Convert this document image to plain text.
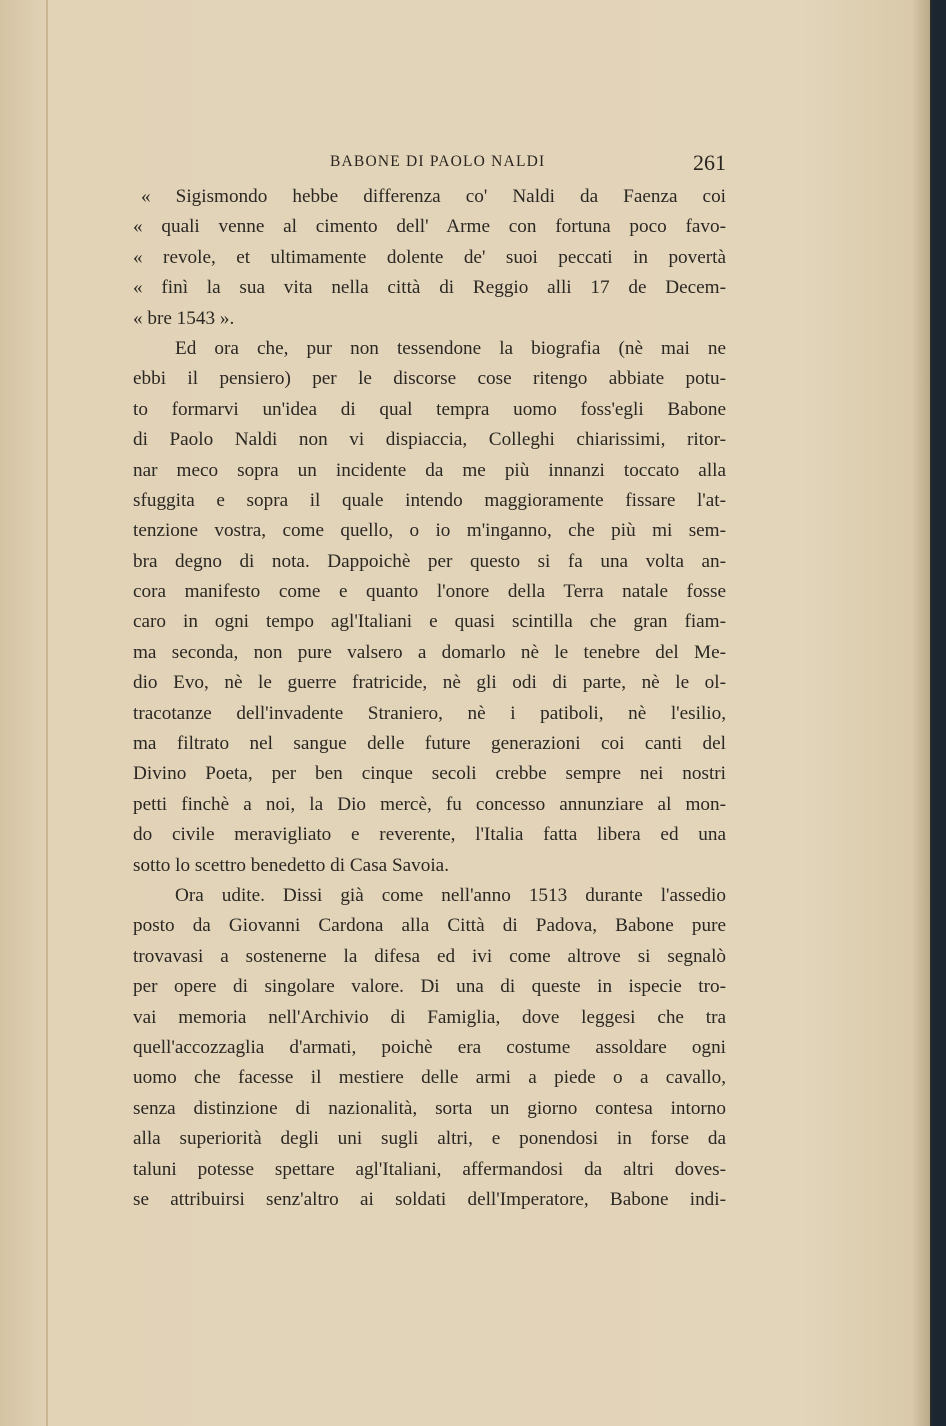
BABONE DI PAOLO NALDI	261
« Sigismondo hebbe differenza co' Naldi da Faenza coi
« quali venne al cimento dell' Arme con fortuna poco favo-
« revole, et ultimamente dolente de' suoi peccati in povertà
« finì la sua vita nella città di Reggio alli 17 de Decem-
« bre 1543 ».
Ed ora che, pur non tessendone la biografia (nè mai ne
ebbi il pensiero) per le discorse cose ritengo abbiate potu-
to formarvi un'idea di qual tempra uomo foss'egli Babone
di Paolo Naldi non vi dispiaccia, Colleghi chiarissimi, ritor-
nar meco sopra un incidente da me più innanzi toccato alla
sfuggita e sopra il quale intendo maggioramente fissare l'at-
tenzione vostra, come quello, o io m'inganno, che più mi sem-
bra degno di nota. Dappoichè per questo si fa una volta an-
cora manifesto come e quanto l'onore della Terra natale fosse
caro in ogni tempo agl'Italiani e quasi scintilla che gran fiam-
ma seconda, non pure valsero a domarlo nè le tenebre del Me-
dio Evo, nè le guerre fratricide, nè gli odi di parte, nè le ol-
tracotanze dell'invadente Straniero, nè i patiboli, nè l'esilio,
ma filtrato nel sangue delle future generazioni coi canti del
Divino Poeta, per ben cinque secoli crebbe sempre nei nostri
petti finchè a noi, la Dio mercè, fu concesso annunziare al mon-
do civile meravigliato e reverente, l'Italia fatta libera ed una
sotto lo scettro benedetto di Casa Savoia.
Ora udite. Dissi già come nell'anno 1513 durante l'assedio
posto da Giovanni Cardona alla Città di Padova, Babone pure
trovavasi a sostenerne la difesa ed ivi come altrove si segnalò
per opere di singolare valore. Di una di queste in ispecie tro-
vai memoria nell'Archivio di Famiglia, dove leggesi che tra
quell'accozzaglia d'armati, poichè era costume assoldare ogni
uomo che facesse il mestiere delle armi a piede o a cavallo,
senza distinzione di nazionalità, sorta un giorno contesa intorno
alla superiorità degli uni sugli altri, e ponendosi in forse da
taluni potesse spettare agl'Italiani, affermandosi da altri doves-
se attribuirsi senz'altro ai soldati dell'Imperatore, Babone indi-
